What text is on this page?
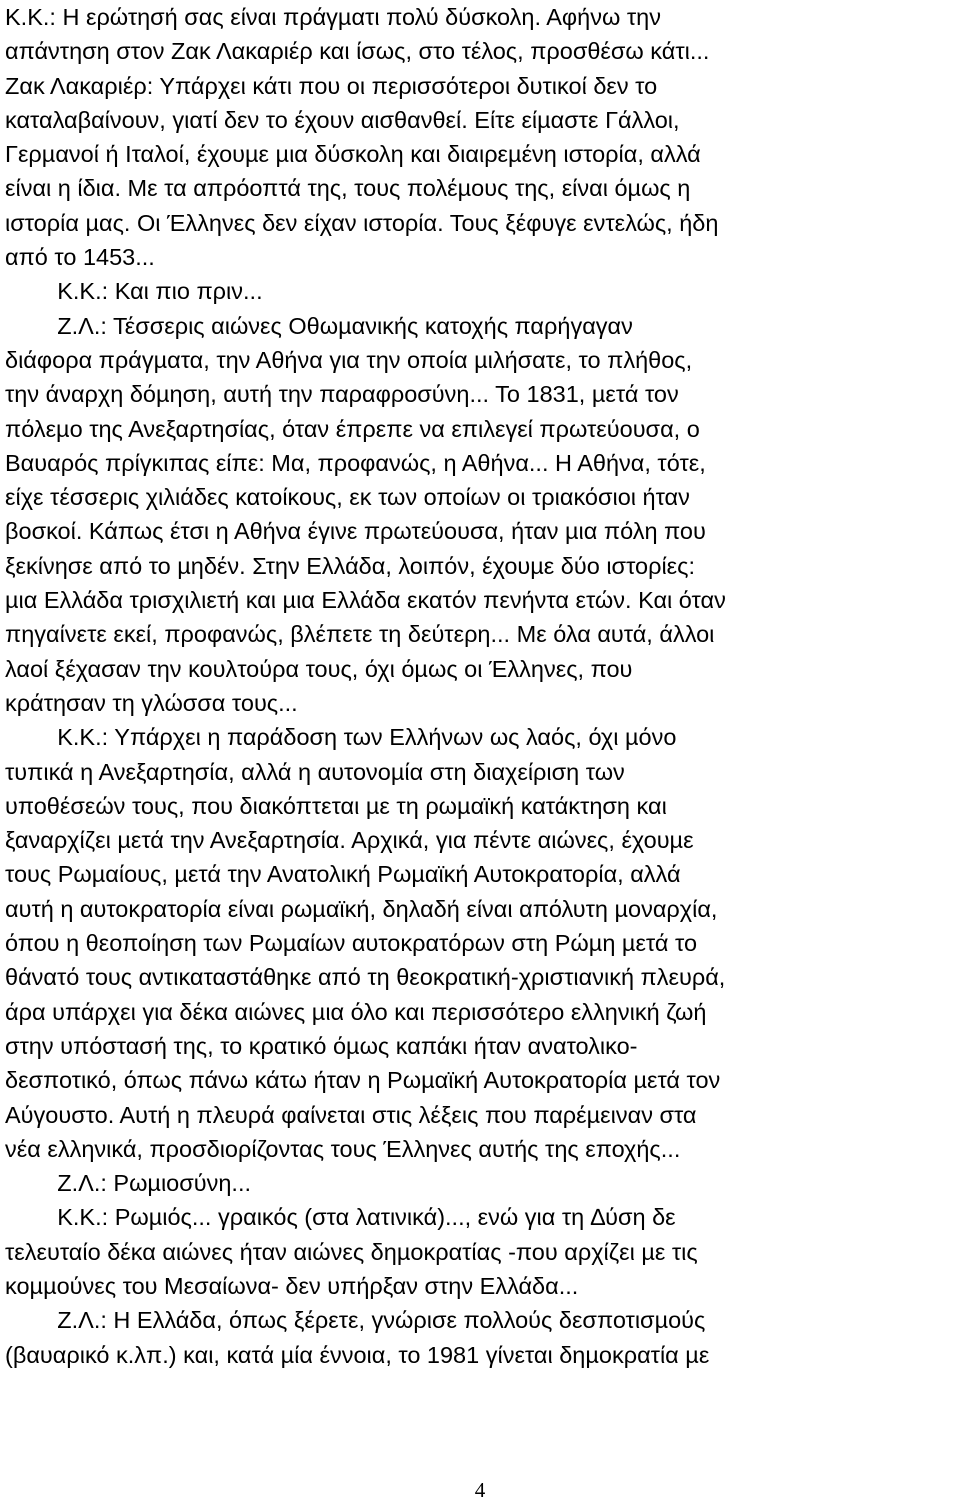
Κ.Κ.: Η ερώτησή σας είναι πράγµατι πολύ δύσκολη. Αφήνω την
απάντηση στον Ζακ Λακαριέρ και ίσως, στο τέλος, προσθέσω κάτι...
Ζακ Λακαριέρ: Υπάρχει κάτι που οι περισσότεροι δυτικοί δεν το
καταλαβαίνουν, γιατί δεν το έχουν αισθανθεί. Είτε είµαστε Γάλλοι,
Γερµανοί ή Ιταλοί, έχουµε µια δύσκολη και διαιρεµένη ιστορία, αλλά
είναι η ίδια. Με τα απρόοπτά της, τους πολέµους της, είναι όµως η
ιστορία µας. Οι Έλληνες δεν είχαν ιστορία. Τους ξέφυγε εντελώς, ήδη
από το 1453...
Κ.Κ.: Και πιο πριν...
Ζ.Λ.: Τέσσερις αιώνες Οθωµανικής κατοχής παρήγαγαν
διάφορα πράγµατα, την Αθήνα για την οποία µιλήσατε, το πλήθος,
την άναρχη δόµηση, αυτή την παραφροσύνη... Το 1831, µετά τον
πόλεµο της Ανεξαρτησίας, όταν έπρεπε να επιλεγεί πρωτεύουσα, ο
Βαυαρός πρίγκιπας είπε: Μα, προφανώς, η Αθήνα... Η Αθήνα, τότε,
είχε τέσσερις χιλιάδες κατοίκους, εκ των οποίων οι τριακόσιοι ήταν
βοσκοί. Κάπως έτσι η Αθήνα έγινε πρωτεύουσα, ήταν µια πόλη που
ξεκίνησε από το µηδέν. Στην Ελλάδα, λοιπόν, έχουµε δύο ιστορίες:
µια Ελλάδα τρισχιλιετή και µια Ελλάδα εκατόν πενήντα ετών. Και όταν
πηγαίνετε εκεί, προφανώς, βλέπετε τη δεύτερη... Με όλα αυτά, άλλοι
λαοί ξέχασαν την κουλτούρα τους, όχι όµως οι Έλληνες, που
κράτησαν τη γλώσσα τους...
Κ.Κ.: Υπάρχει η παράδοση των Ελλήνων ως λαός, όχι µόνο
τυπικά η Ανεξαρτησία, αλλά η αυτονοµία στη διαχείριση των
υποθέσεών τους, που διακόπτεται µε τη ρωµαϊκή κατάκτηση και
ξαναρχίζει µετά την Ανεξαρτησία. Αρχικά, για πέντε αιώνες, έχουµε
τους Ρωµαίους, µετά την Ανατολική Ρωµαϊκή Αυτοκρατορία, αλλά
αυτή η αυτοκρατορία είναι ρωµαϊκή, δηλαδή είναι απόλυτη µοναρχία,
όπου η θεοποίηση των Ρωµαίων αυτοκρατόρων στη Ρώµη µετά το
θάνατό τους αντικαταστάθηκε από τη θεοκρατική-χριστιανική πλευρά,
άρα υπάρχει για δέκα αιώνες µια όλο και περισσότερο ελληνική ζωή
στην υπόστασή της, το κρατικό όµως καπάκι ήταν ανατολικο-
δεσποτικό, όπως πάνω κάτω ήταν η Ρωµαϊκή Αυτοκρατορία µετά τον
Αύγουστο. Αυτή η πλευρά φαίνεται στις λέξεις που παρέµειναν στα
νέα ελληνικά, προσδιορίζοντας τους Έλληνες αυτής της εποχής...
Ζ.Λ.: Ρωµιοσύνη...
Κ.Κ.: Ρωµιός... γραικός (στα λατινικά)..., ενώ για τη ∆ύση δε
τελευταίο δέκα αιώνες ήταν αιώνες δηµοκρατίας -που αρχίζει µε τις
κοµµούνες του Μεσαίωνα- δεν υπήρξαν στην Ελλάδα...
Ζ.Λ.: Η Ελλάδα, όπως ξέρετε, γνώρισε πολλούς δεσποτισµούς
(βαυαρικό κ.λπ.) και, κατά µία έννοια, το 1981 γίνεται δηµοκρατία µε
4
